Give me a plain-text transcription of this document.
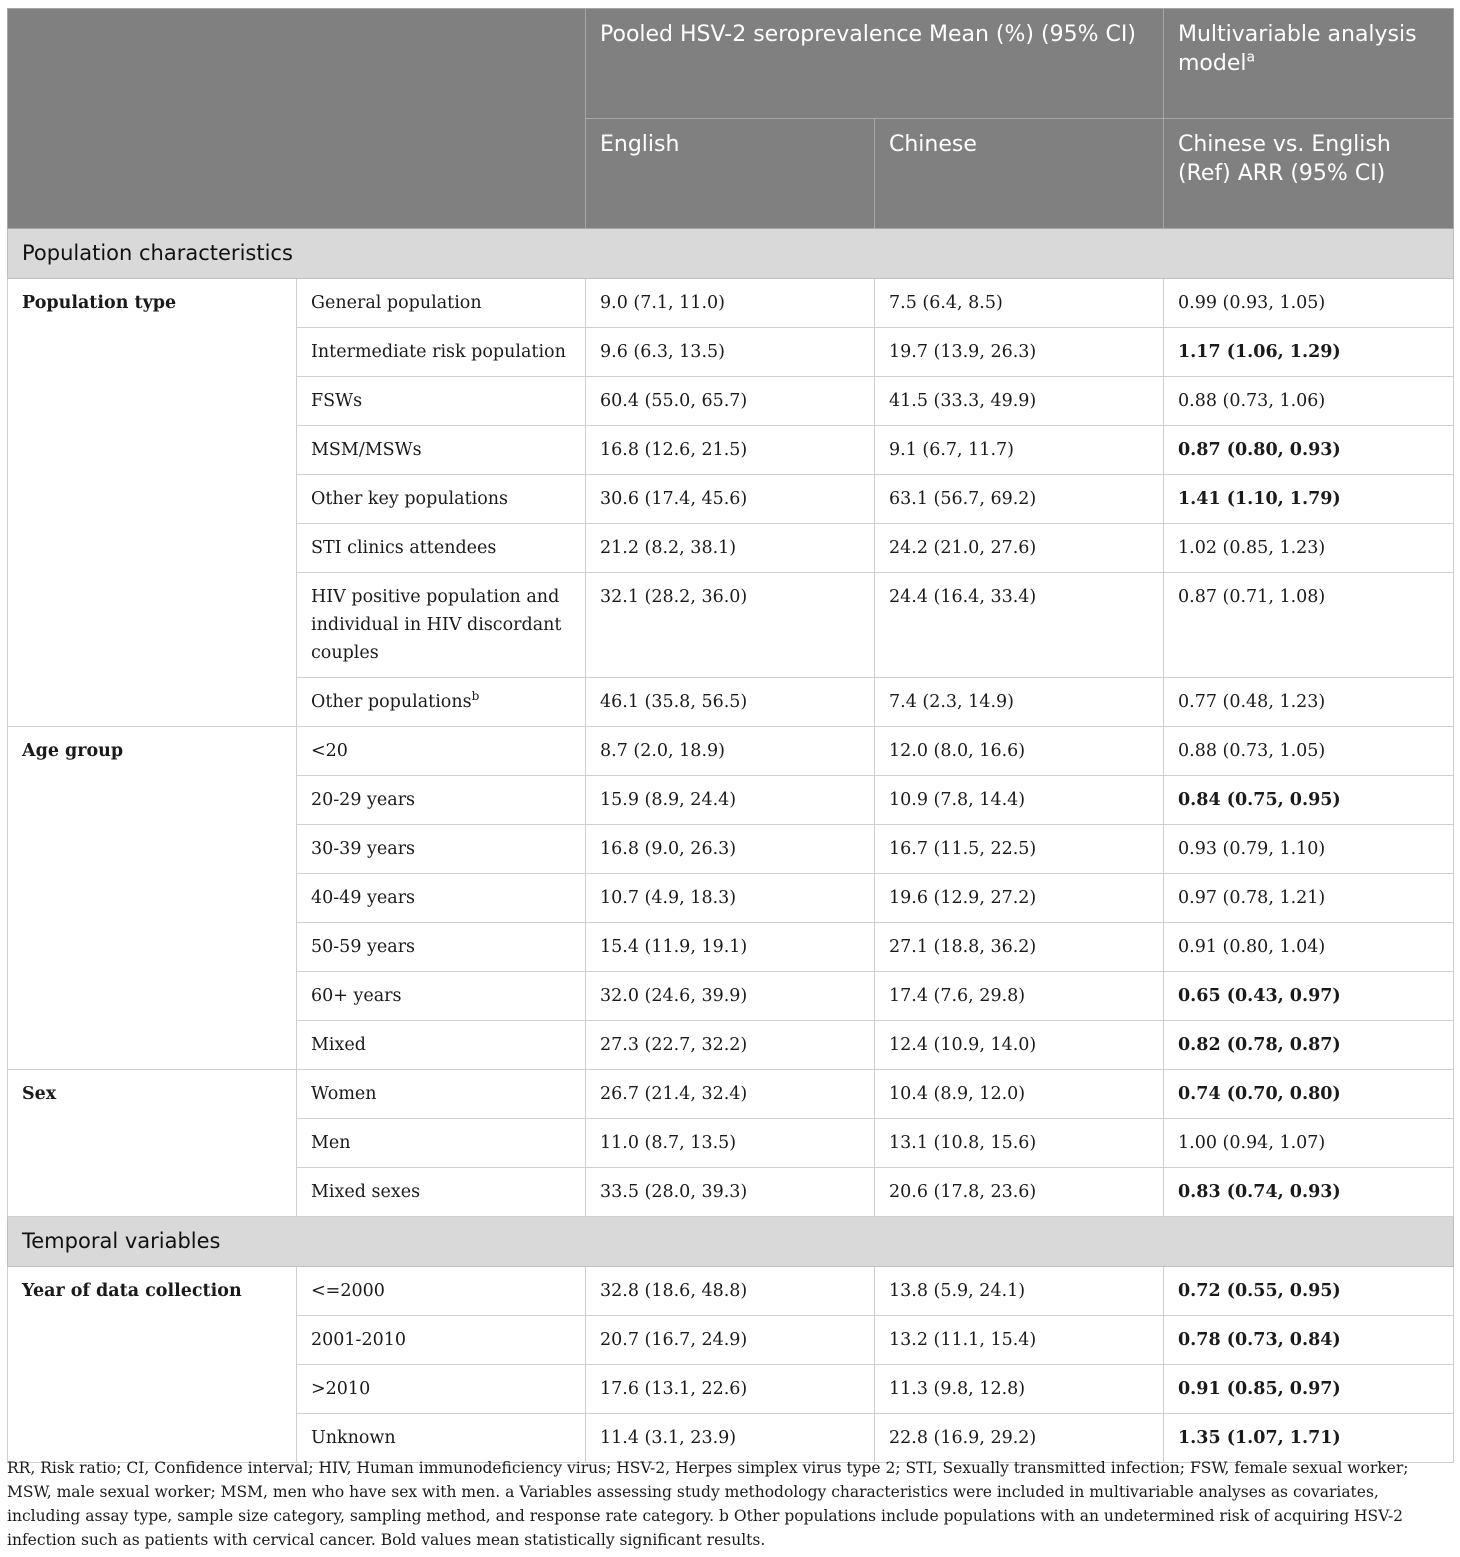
		Pooled HSV-2 seroprevalence Mean (%) (95% CI)		Multivariable analysis model$^a$
		English	Chinese	Chinese vs. English (Ref) ARR (95% CI)
Population characteristics				
Population type	General population	9.0 (7.1, 11.0)	7.5 (6.4, 8.5)	0.99 (0.93, 1.05)
	Intermediate risk population	9.6 (6.3, 13.5)	19.7 (13.9, 26.3)	1.17 (1.06, 1.29)
	FSWs	60.4 (55.0, 65.7)	41.5 (33.3, 49.9)	0.88 (0.73, 1.06)
	MSM/MSWs	16.8 (12.6, 21.5)	9.1 (6.7, 11.7)	0.87 (0.80, 0.93)
	Other key populations	30.6 (17.4, 45.6)	63.1 (56.7, 69.2)	1.41 (1.10, 1.79)
	STI clinics attendees	21.2 (8.2, 38.1)	24.2 (21.0, 27.6)	1.02 (0.85, 1.23)
	HIV positive population and individual in HIV discordant couples	32.1 (28.2, 36.0)	24.4 (16.4, 33.4)	0.87 (0.71, 1.08)
	Other populations$^b$	46.1 (35.8, 56.5)	7.4 (2.3, 14.9)	0.77 (0.48, 1.23)
Age group	<20	8.7 (2.0, 18.9)	12.0 (8.0, 16.6)	0.88 (0.73, 1.05)
	20-29 years	15.9 (8.9, 24.4)	10.9 (7.8, 14.4)	0.84 (0.75, 0.95)
	30-39 years	16.8 (9.0, 26.3)	16.7 (11.5, 22.5)	0.93 (0.79, 1.10)
	40-49 years	10.7 (4.9, 18.3)	19.6 (12.9, 27.2)	0.97 (0.78, 1.21)
	50-59 years	15.4 (11.9, 19.1)	27.1 (18.8, 36.2)	0.91 (0.80, 1.04)
	60+ years	32.0 (24.6, 39.9)	17.4 (7.6, 29.8)	0.65 (0.43, 0.97)
	Mixed	27.3 (22.7, 32.2)	12.4 (10.9, 14.0)	0.82 (0.78, 0.87)
Sex	Women	26.7 (21.4, 32.4)	10.4 (8.9, 12.0)	0.74 (0.70, 0.80)
	Men	11.0 (8.7, 13.5)	13.1 (10.8, 15.6)	1.00 (0.94, 1.07)
	Mixed sexes	33.5 (28.0, 39.3)	20.6 (17.8, 23.6)	0.83 (0.74, 0.93)
Temporal variables				
Year of data collection	<=2000	32.8 (18.6, 48.8)	13.8 (5.9, 24.1)	0.72 (0.55, 0.95)
	2001-2010	20.7 (16.7, 24.9)	13.2 (11.1, 15.4)	0.78 (0.73, 0.84)
	>2010	17.6 (13.1, 22.6)	11.3 (9.8, 12.8)	0.91 (0.85, 0.97)
	Unknown	11.4 (3.1, 23.9)	22.8 (16.9, 29.2)	1.35 (1.07, 1.71)
RR, Risk ratio; CI, Confidence interval; HIV, Human immunodeficiency virus; HSV-2, Herpes simplex virus type 2; STI, Sexually transmitted infection; FSW, female sexual worker; MSW, male sexual worker; MSM, men who have sex with men. a Variables assessing study methodology characteristics were included in multivariable analyses as covariates, including assay type, sample size category, sampling method, and response rate category. b Other populations include populations with an undetermined risk of acquiring HSV-2 infection such as patients with cervical cancer. Bold values mean statistically significant results.
